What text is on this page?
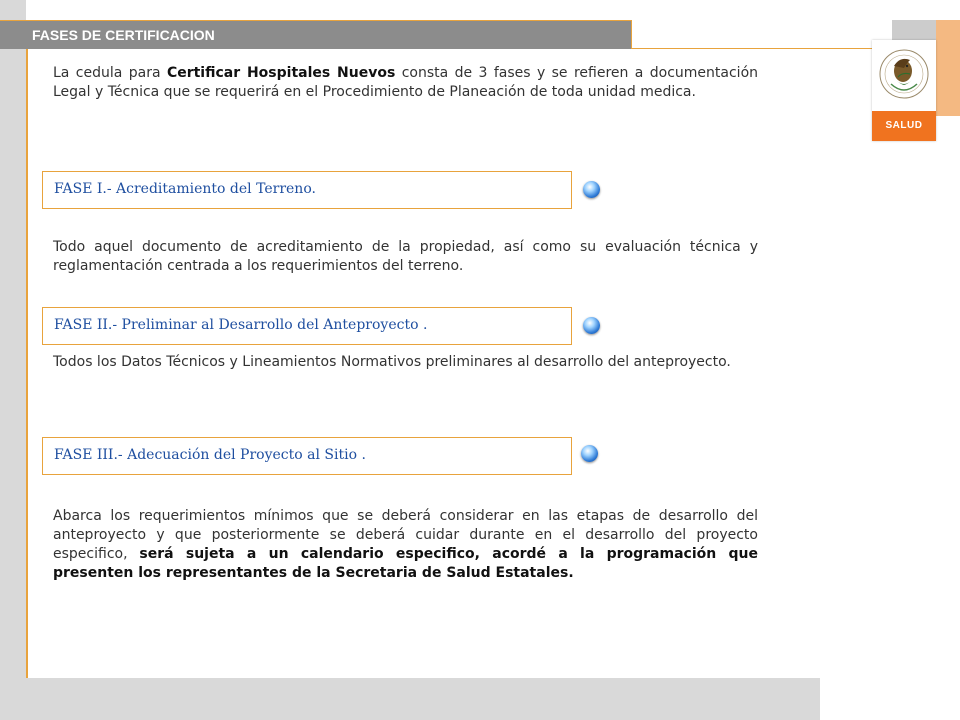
FASES DE CERTIFICACION
SALUD

La cedula para Certificar Hospitales Nuevos consta de 3 fases y se refieren a documentación Legal y Técnica que se requerirá en el Procedimiento de Planeación de toda unidad medica.

FASE I.- Acreditamiento del Terreno.

Todo aquel documento de acreditamiento de la propiedad, así como su evaluación técnica y reglamentación centrada a los requerimientos del terreno.

FASE II.- Preliminar al Desarrollo del Anteproyecto .

Todos los Datos Técnicos y Lineamientos Normativos preliminares al desarrollo del anteproyecto.

FASE III.- Adecuación del Proyecto al Sitio .

Abarca los requerimientos mínimos que se deberá considerar en las etapas de desarrollo del anteproyecto y que posteriormente se deberá cuidar durante en el desarrollo del proyecto especifico, será sujeta a un calendario especifico, acordé a la programación que presenten los representantes de la Secretaria de Salud Estatales.
